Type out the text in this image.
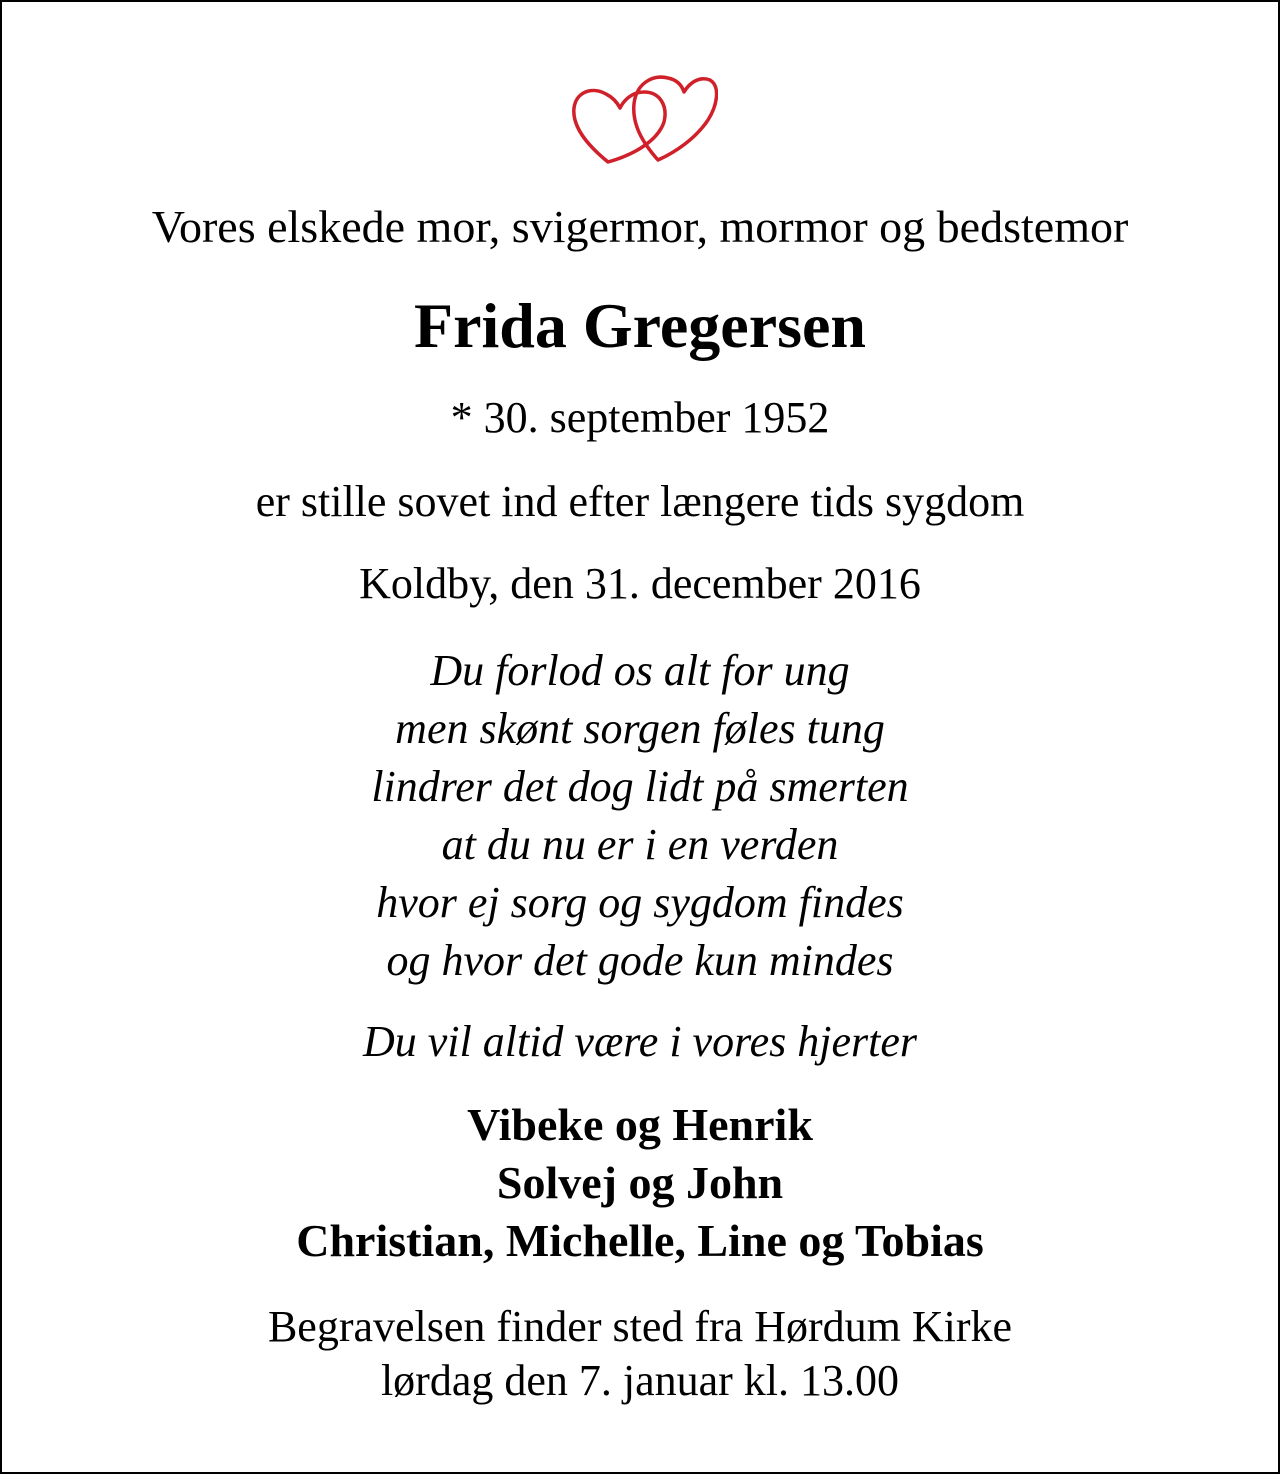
Vores elskede mor, svigermor, mormor og bedstemor

Frida Gregersen

* 30. september 1952

er stille sovet ind efter længere tids sygdom

Koldby, den 31. december 2016

Du forlod os alt for ung
men skønt sorgen føles tung
lindrer det dog lidt på smerten
at du nu er i en verden
hvor ej sorg og sygdom findes
og hvor det gode kun mindes

Du vil altid være i vores hjerter

Vibeke og Henrik
Solvej og John
Christian, Michelle, Line og Tobias
Begravelsen finder sted fra Hørdum Kirke
lørdag den 7. januar kl. 13.00
